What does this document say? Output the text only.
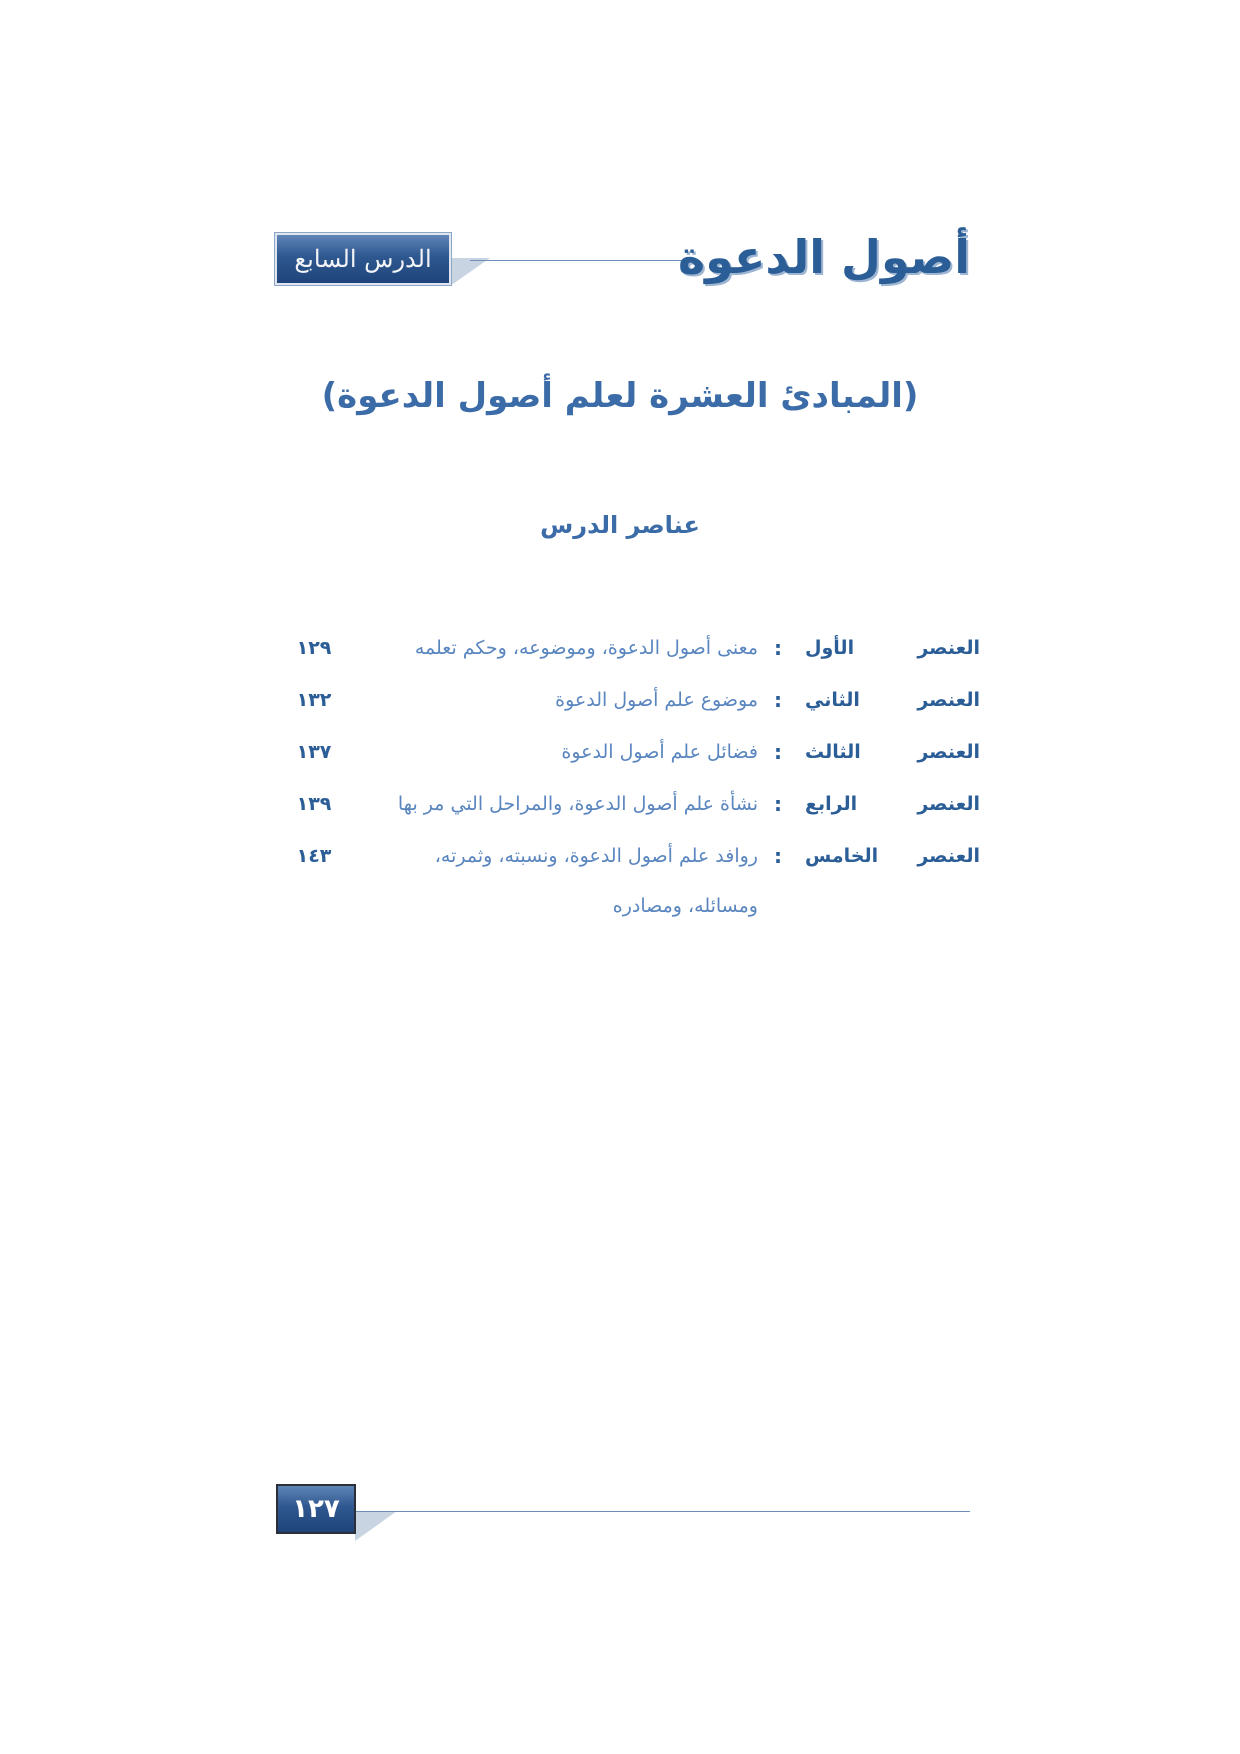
أصول الدعوة
الدرس السابع
(المبادئ العشرة لعلم أصول الدعوة)
عناصر الدرس
العنصر الأول
:
معنى أصول الدعوة، وموضوعه، وحكم تعلمه
١٢٩
العنصر الثاني
:
موضوع علم أصول الدعوة
١٣٢
العنصر الثالث
:
فضائل علم أصول الدعوة
١٣٧
العنصر الرابع
:
نشأة علم أصول الدعوة، والمراحل التي مر بها
١٣٩
العنصر الخامس
:
روافد علم أصول الدعوة، ونسبته، وثمرته، ومسائله، ومصادره
١٤٣
١٢٧
